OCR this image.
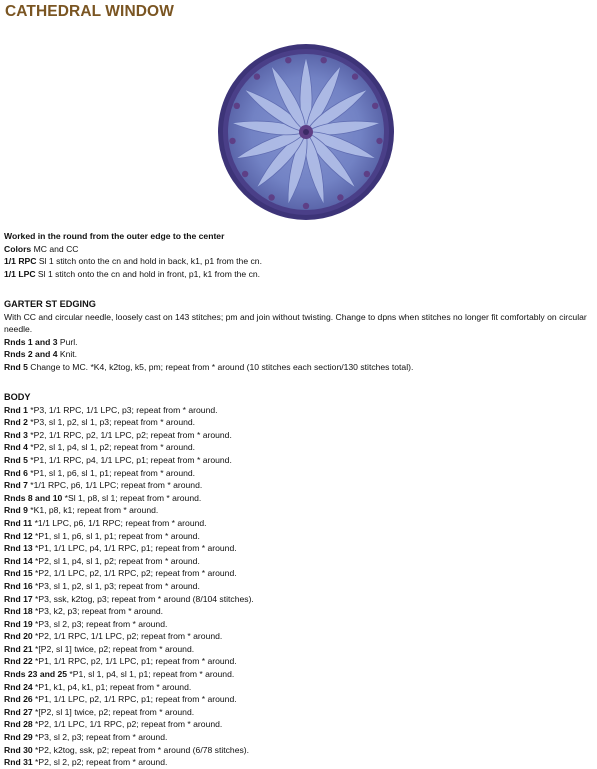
CATHEDRAL WINDOW
Worked in the round from the outer edge to the center
Colors MC and CC
1/1 RPC Sl 1 stitch onto the cn and hold in back, k1, p1 from the cn.
1/1 LPC Sl 1 stitch onto the cn and hold in front, p1, k1 from the cn.
GARTER ST EDGING
With CC and circular needle, loosely cast on 143 stitches; pm and join without twisting. Change to dpns when stitches no longer fit comfortably on circular needle.
Rnds 1 and 3 Purl.
Rnds 2 and 4 Knit.
Rnd 5 Change to MC. *K4, k2tog, k5, pm; repeat from * around (10 stitches each section/130 stitches total).
BODY
Rnd 1 *P3, 1/1 RPC, 1/1 LPC, p3; repeat from * around.
Rnd 2 *P3, sl 1, p2, sl 1, p3; repeat from * around.
Rnd 3 *P2, 1/1 RPC, p2, 1/1 LPC, p2; repeat from * around.
Rnd 4 *P2, sl 1, p4, sl 1, p2; repeat from * around.
Rnd 5 *P1, 1/1 RPC, p4, 1/1 LPC, p1; repeat from * around.
Rnd 6 *P1, sl 1, p6, sl 1, p1; repeat from * around.
Rnd 7 *1/1 RPC, p6, 1/1 LPC; repeat from * around.
Rnds 8 and 10 *Sl 1, p8, sl 1; repeat from * around.
Rnd 9 *K1, p8, k1; repeat from * around.
Rnd 11 *1/1 LPC, p6, 1/1 RPC; repeat from * around.
Rnd 12 *P1, sl 1, p6, sl 1, p1; repeat from * around.
Rnd 13 *P1, 1/1 LPC, p4, 1/1 RPC, p1; repeat from * around.
Rnd 14 *P2, sl 1, p4, sl 1, p2; repeat from * around.
Rnd 15 *P2, 1/1 LPC, p2, 1/1 RPC, p2; repeat from * around.
Rnd 16 *P3, sl 1, p2, sl 1, p3; repeat from * around.
Rnd 17 *P3, ssk, k2tog, p3; repeat from * around (8/104 stitches).
Rnd 18 *P3, k2, p3; repeat from * around.
Rnd 19 *P3, sl 2, p3; repeat from * around.
Rnd 20 *P2, 1/1 RPC, 1/1 LPC, p2; repeat from * around.
Rnd 21 *[P2, sl 1] twice, p2; repeat from * around.
Rnd 22 *P1, 1/1 RPC, p2, 1/1 LPC, p1; repeat from * around.
Rnds 23 and 25 *P1, sl 1, p4, sl 1, p1; repeat from * around.
Rnd 24 *P1, k1, p4, k1, p1; repeat from * around.
Rnd 26 *P1, 1/1 LPC, p2, 1/1 RPC, p1; repeat from * around.
Rnd 27 *[P2, sl 1] twice, p2; repeat from * around.
Rnd 28 *P2, 1/1 LPC, 1/1 RPC, p2; repeat from * around.
Rnd 29 *P3, sl 2, p3; repeat from * around.
Rnd 30 *P2, k2tog, ssk, p2; repeat from * around (6/78 stitches).
Rnd 31 *P2, sl 2, p2; repeat from * around.
